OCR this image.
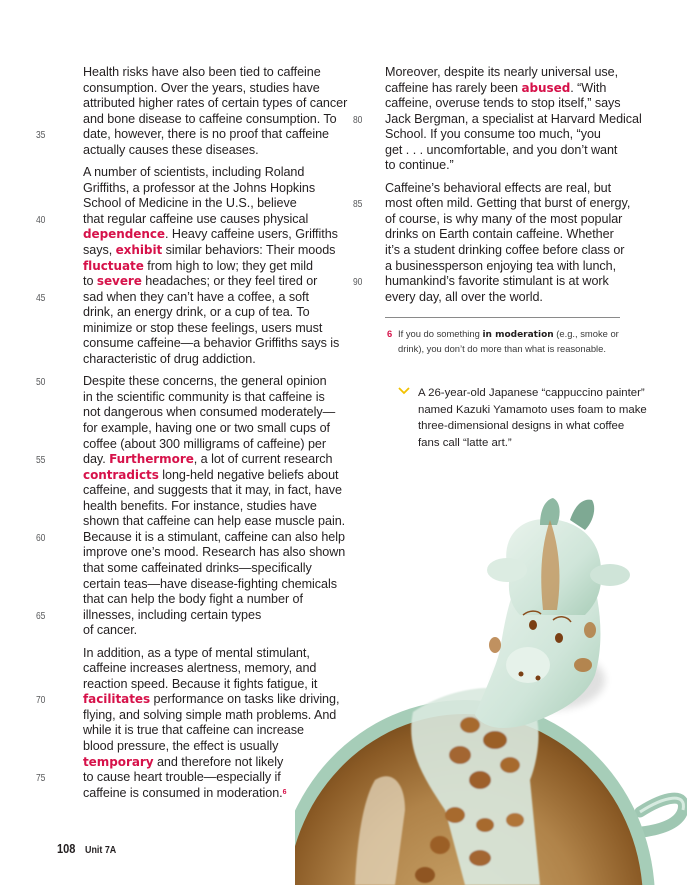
Health risks have also been tied to caffeine
consumption. Over the years, studies have
attributed higher rates of certain types of cancer
and bone disease to caffeine consumption. To
35	date, however, there is no proof that caffeine
actually causes these diseases.
A number of scientists, including Roland
Griffiths, a professor at the Johns Hopkins
School of Medicine in the U.S., believe
40	that regular caffeine use causes physical
dependence. Heavy caffeine users, Griffiths
says, exhibit similar behaviors: Their moods
fluctuate from high to low; they get mild
to severe headaches; or they feel tired or
45	sad when they can’t have a coffee, a soft
drink, an energy drink, or a cup of tea. To
minimize or stop these feelings, users must
consume caffeine—a behavior Griffiths says is
characteristic of drug addiction.
50	Despite these concerns, the general opinion
in the scientific community is that caffeine is
not dangerous when consumed moderately—
for example, having one or two small cups of
coffee (about 300 milligrams of caffeine) per
55	day. Furthermore, a lot of current research
contradicts long-held negative beliefs about
caffeine, and suggests that it may, in fact, have
health benefits. For instance, studies have
shown that caffeine can help ease muscle pain.
60	Because it is a stimulant, caffeine can also help
improve one’s mood. Research has also shown
that some caffeinated drinks—specifically
certain teas—have disease-fighting chemicals
that can help the body fight a number of
65	illnesses, including certain types
of cancer.
In addition, as a type of mental stimulant,
caffeine increases alertness, memory, and
reaction speed. Because it fights fatigue, it
70	facilitates performance on tasks like driving,
flying, and solving simple math problems. And
while it is true that caffeine can increase
blood pressure, the effect is usually
temporary and therefore not likely
75	to cause heart trouble—especially if
caffeine is consumed in moderation.$^6$
Moreover, despite its nearly universal use,
caffeine has rarely been abused. “With
caffeine, overuse tends to stop itself,” says
80 Jack Bergman, a specialist at Harvard Medical
School. If you consume too much, “you
get . . . uncomfortable, and you don’t want
to continue.”
Caffeine’s behavioral effects are real, but
85 most often mild. Getting that burst of energy,
of course, is why many of the most popular
drinks on Earth contain caffeine. Whether
it’s a student drinking coffee before class or
a businessperson enjoying tea with lunch,
90 humankind’s favorite stimulant is at work
every day, all over the world.
6 If you do something in moderation (e.g., smoke or drink), you don’t do more than what is reasonable.
A 26-year-old Japanese “cappuccino painter” named Kazuki Yamamoto uses foam to make three-dimensional designs in what coffee fans call “latte art.”
108 Unit 7A
